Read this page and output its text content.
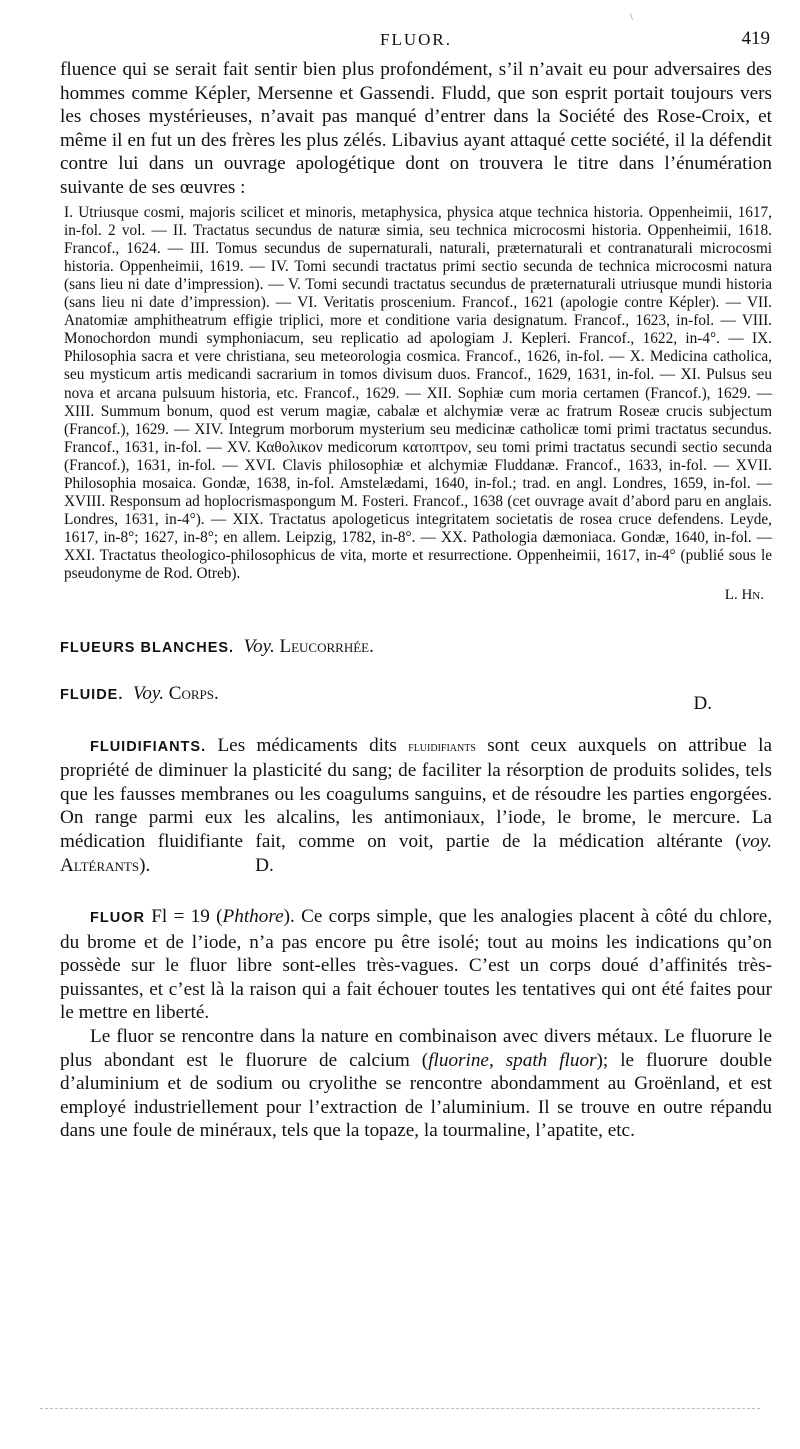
\
FLUOR.	419

fluence qui se serait fait sentir bien plus profondément, s’il n’avait eu pour adversaires des hommes comme Képler, Mersenne et Gassendi. Fludd, que son esprit portait toujours vers les choses mystérieuses, n’avait pas manqué d’entrer dans la Société des Rose-Croix, et même il en fut un des frères les plus zélés. Libavius ayant attaqué cette société, il la défendit contre lui dans un ouvrage apologétique dont on trouvera le titre dans l’énumération suivante de ses œuvres :

I. Utriusque cosmi, majoris scilicet et minoris, metaphysica, physica atque technica historia. Oppenheimii, 1617, in-fol. 2 vol. — II. Tractatus secundus de naturæ simia, seu technica microcosmi historia. Oppenheimii, 1618. Francof., 1624. — III. Tomus secundus de supernaturali, naturali, præternaturali et contranaturali microcosmi historia. Oppenheimii, 1619. — IV. Tomi secundi tractatus primi sectio secunda de technica microcosmi natura (sans lieu ni date d’impression). — V. Tomi secundi tractatus secundus de præternaturali utriusque mundi historia (sans lieu ni date d’impression). — VI. Veritatis proscenium. Francof., 1621 (apologie contre Képler). — VII. Anatomiæ amphitheatrum effigie triplici, more et conditione varia designatum. Francof., 1623, in-fol. — VIII. Monochordon mundi symphoniacum, seu replicatio ad apologiam J. Kepleri. Francof., 1622, in-4°. — IX. Philosophia sacra et vere christiana, seu meteorologia cosmica. Francof., 1626, in-fol. — X. Medicina catholica, seu mysticum artis medicandi sacrarium in tomos divisum duos. Francof., 1629, 1631, in-fol. — XI. Pulsus seu nova et arcana pulsuum historia, etc. Francof., 1629. — XII. Sophiæ cum moria certamen (Francof.), 1629. — XIII. Summum bonum, quod est verum magiæ, cabalæ et alchymiæ veræ ac fratrum Roseæ crucis subjectum (Francof.), 1629. — XIV. Integrum morborum mysterium seu medicinæ catholicæ tomi primi tractatus secundus. Francof., 1631, in-fol. — XV. Καθολικον medicorum κατοπτρον, seu tomi primi tractatus secundi sectio secunda (Francof.), 1631, in-fol. — XVI. Clavis philosophiæ et alchymiæ Fluddanæ. Francof., 1633, in-fol. — XVII. Philosophia mosaica. Gondæ, 1638, in-fol. Amstelædami, 1640, in-fol.; trad. en angl. Londres, 1659, in-fol. — XVIII. Responsum ad hoplocrismaspongum M. Fosteri. Francof., 1638 (cet ouvrage avait d’abord paru en anglais. Londres, 1631, in-4°). — XIX. Tractatus apologeticus integritatem societatis de rosea cruce defendens. Leyde, 1617, in-8°; 1627, in-8°; en allem. Leipzig, 1782, in-8°. — XX. Pathologia dæmoniaca. Gondæ, 1640, in-fol. — XXI. Tractatus theologico-philosophicus de vita, morte et resurrectione. Oppenheimii, 1617, in-4° (publié sous le pseudonyme de Rod. Otreb).

L. Hn.

FLUEURS BLANCHES. Voy. Leucorrhée.

FLUIDE. Voy. Corps.	D.

FLUIDIFIANTS. Les médicaments dits fluidifiants sont ceux auxquels on attribue la propriété de diminuer la plasticité du sang; de faciliter la résorption de produits solides, tels que les fausses membranes ou les coagulums sanguins, et de résoudre les parties engorgées. On range parmi eux les alcalins, les antimoniaux, l’iode, le brome, le mercure. La médication fluidifiante fait, comme on voit, partie de la médication altérante (voy. Altérants).	D.

FLUOR Fl = 19 (Phthore). Ce corps simple, que les analogies placent à côté du chlore, du brome et de l’iode, n’a pas encore pu être isolé; tout au moins les indications qu’on possède sur le fluor libre sont-elles très-vagues. C’est un corps doué d’affinités très-puissantes, et c’est là la raison qui a fait échouer toutes les tentatives qui ont été faites pour le mettre en liberté.

Le fluor se rencontre dans la nature en combinaison avec divers métaux. Le fluorure le plus abondant est le fluorure de calcium (fluorine, spath fluor); le fluorure double d’aluminium et de sodium ou cryolithe se rencontre abondamment au Groënland, et est employé industriellement pour l’extraction de l’aluminium. Il se trouve en outre répandu dans une foule de minéraux, tels que la topaze, la tourmaline, l’apatite, etc.
